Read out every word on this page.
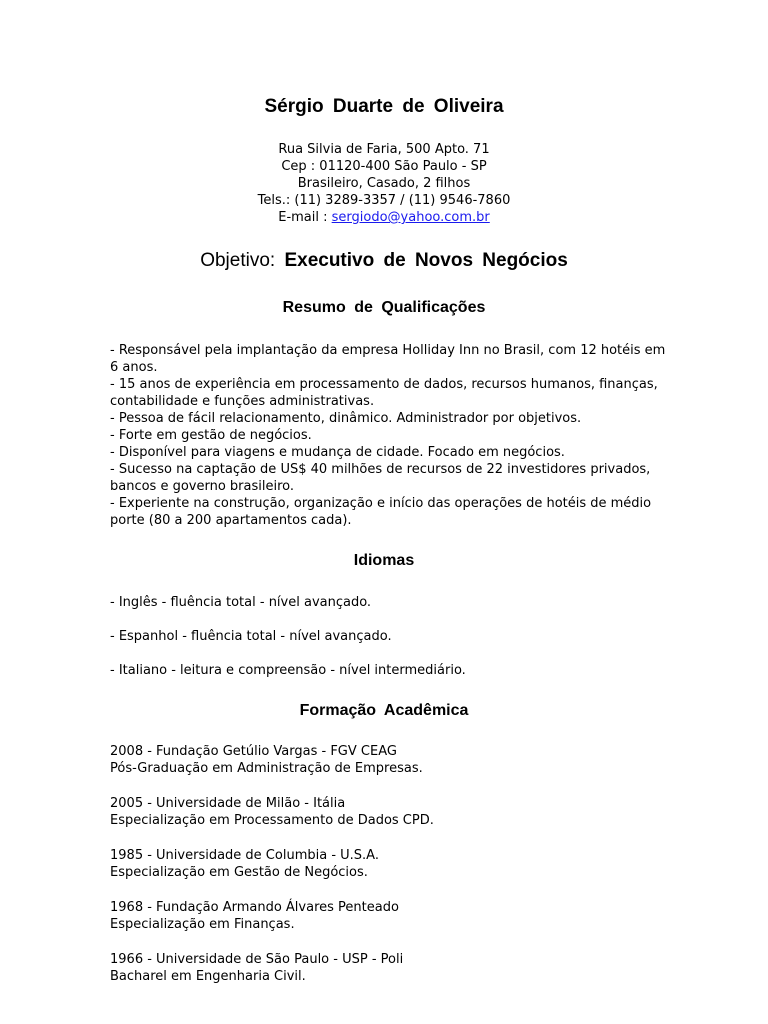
Sérgio Duarte de Oliveira
Rua Silvia de Faria, 500 Apto. 71
Cep : 01120-400 São Paulo - SP
Brasileiro, Casado, 2 filhos
Tels.: (11) 3289-3357 / (11) 9546-7860
E-mail : sergiodo@yahoo.com.br
Objetivo: Executivo de Novos Negócios
Resumo de Qualificações
- Responsável pela implantação da empresa Holliday Inn no Brasil, com 12 hotéis em 6 anos.
- 15 anos de experiência em processamento de dados, recursos humanos, finanças, contabilidade e funções administrativas.
- Pessoa de fácil relacionamento, dinâmico. Administrador por objetivos.
- Forte em gestão de negócios.
- Disponível para viagens e mudança de cidade. Focado em negócios.
- Sucesso na captação de US$ 40 milhões de recursos de 22 investidores privados, bancos e governo brasileiro.
- Experiente na construção, organização e início das operações de hotéis de médio porte (80 a 200 apartamentos cada).
Idiomas
- Inglês - fluência total - nível avançado.
- Espanhol - fluência total - nível avançado.
- Italiano - leitura e compreensão - nível intermediário.
Formação Acadêmica
2008 - Fundação Getúlio Vargas - FGV CEAG
Pós-Graduação em Administração de Empresas.
2005 - Universidade de Milão - Itália
Especialização em Processamento de Dados CPD.
1985 - Universidade de Columbia - U.S.A.
Especialização em Gestão de Negócios.
1968 - Fundação Armando Álvares Penteado
Especialização em Finanças.
1966 - Universidade de São Paulo - USP - Poli
Bacharel em Engenharia Civil.
